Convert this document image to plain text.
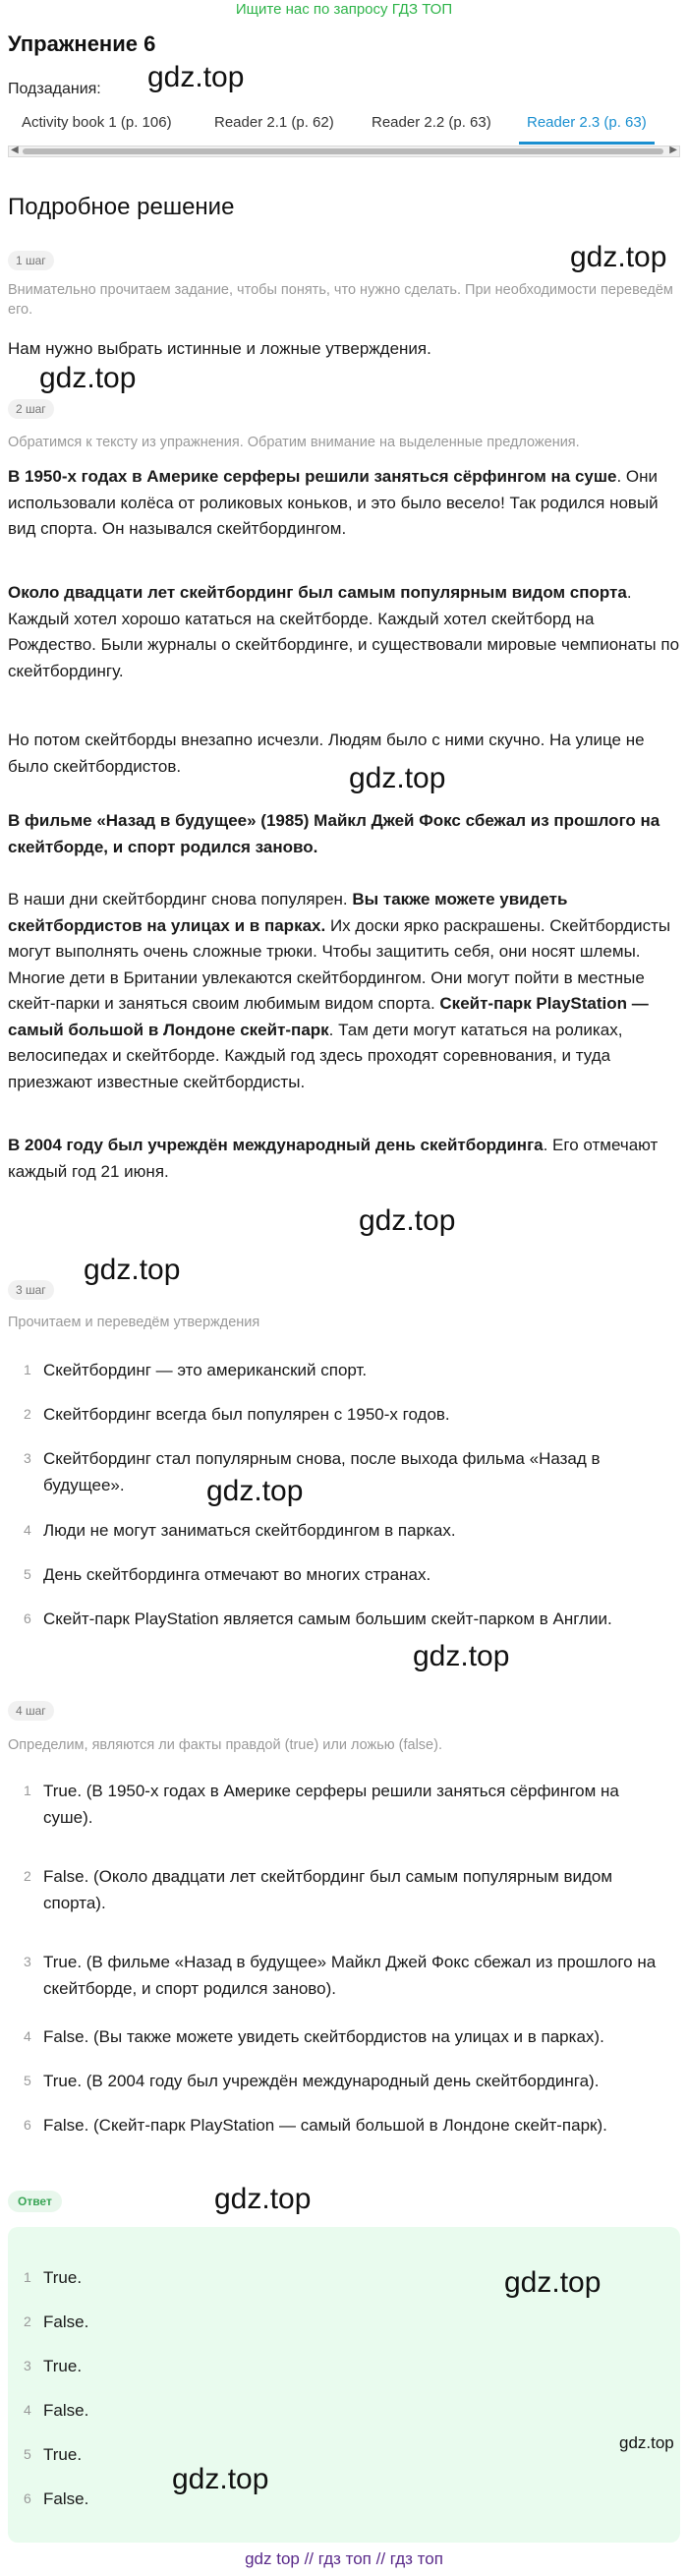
Ищите нас по запросу ГДЗ ТОП
Упражнение 6
Подзадания:
Activity book 1 (p. 106)	Reader 2.1 (p. 62)	Reader 2.2 (p. 63)	Reader 2.3 (p. 63)
◀	▶
Подробное решение
1 шаг
Внимательно прочитаем задание, чтобы понять, что нужно сделать. При необходимости переведём его.
Нам нужно выбрать истинные и ложные утверждения.
2 шаг
Обратимся к тексту из упражнения. Обратим внимание на выделенные предложения.
В 1950-х годах в Америке серферы решили заняться сёрфингом на суше. Они использовали колёса от роликовых коньков, и это было весело! Так родился новый вид спорта. Он назывался скейтбордингом.
Около двадцати лет скейтбординг был самым популярным видом спорта. Каждый хотел хорошо кататься на скейтборде. Каждый хотел скейтборд на Рождество. Были журналы о скейтбординге, и существовали мировые чемпионаты по скейтбордингу.
Но потом скейтборды внезапно исчезли. Людям было с ними скучно. На улице не было скейтбордистов.
В фильме «Назад в будущее» (1985) Майкл Джей Фокс сбежал из прошлого на скейтборде, и спорт родился заново.
В наши дни скейтбординг снова популярен. Вы также можете увидеть скейтбордистов на улицах и в парках. Их доски ярко раскрашены. Скейтбордисты могут выполнять очень сложные трюки. Чтобы защитить себя, они носят шлемы. Многие дети в Британии увлекаются скейтбордингом. Они могут пойти в местные скейт-парки и заняться своим любимым видом спорта. Скейт-парк PlayStation — самый большой в Лондоне скейт-парк. Там дети могут кататься на роликах, велосипедах и скейтборде. Каждый год здесь проходят соревнования, и туда приезжают известные скейтбордисты.
В 2004 году был учреждён международный день скейтбординга. Его отмечают каждый год 21 июня.
3 шаг
Прочитаем и переведём утверждения
1 Скейтбординг — это американский спорт.
2 Скейтбординг всегда был популярен с 1950-х годов.
3 Скейтбординг стал популярным снова, после выхода фильма «Назад в будущее».
4 Люди не могут заниматься скейтбордингом в парках.
5 День скейтбординга отмечают во многих странах.
6 Скейт-парк PlayStation является самым большим скейт-парком в Англии.
4 шаг
Определим, являются ли факты правдой (true) или ложью (false).
1 True. (В 1950-х годах в Америке серферы решили заняться сёрфингом на суше).
2 False. (Около двадцати лет скейтбординг был самым популярным видом спорта).
3 True. (В фильме «Назад в будущее» Майкл Джей Фокс сбежал из прошлого на скейтборде, и спорт родился заново).
4 False. (Вы также можете увидеть скейтбордистов на улицах и в парках).
5 True. (В 2004 году был учреждён международный день скейтбординга).
6 False. (Скейт-парк PlayStation — самый большой в Лондоне скейт-парк).
Ответ
1 True.
2 False.
3 True.
4 False.
5 True.
6 False.
gdz.top
gdz.top
gdz.top
gdz.top
gdz.top
gdz.top
gdz.top
gdz.top
gdz.top
gdz.top
gdz.top
gdz.top
gdz top // гдз топ // гдз топ
